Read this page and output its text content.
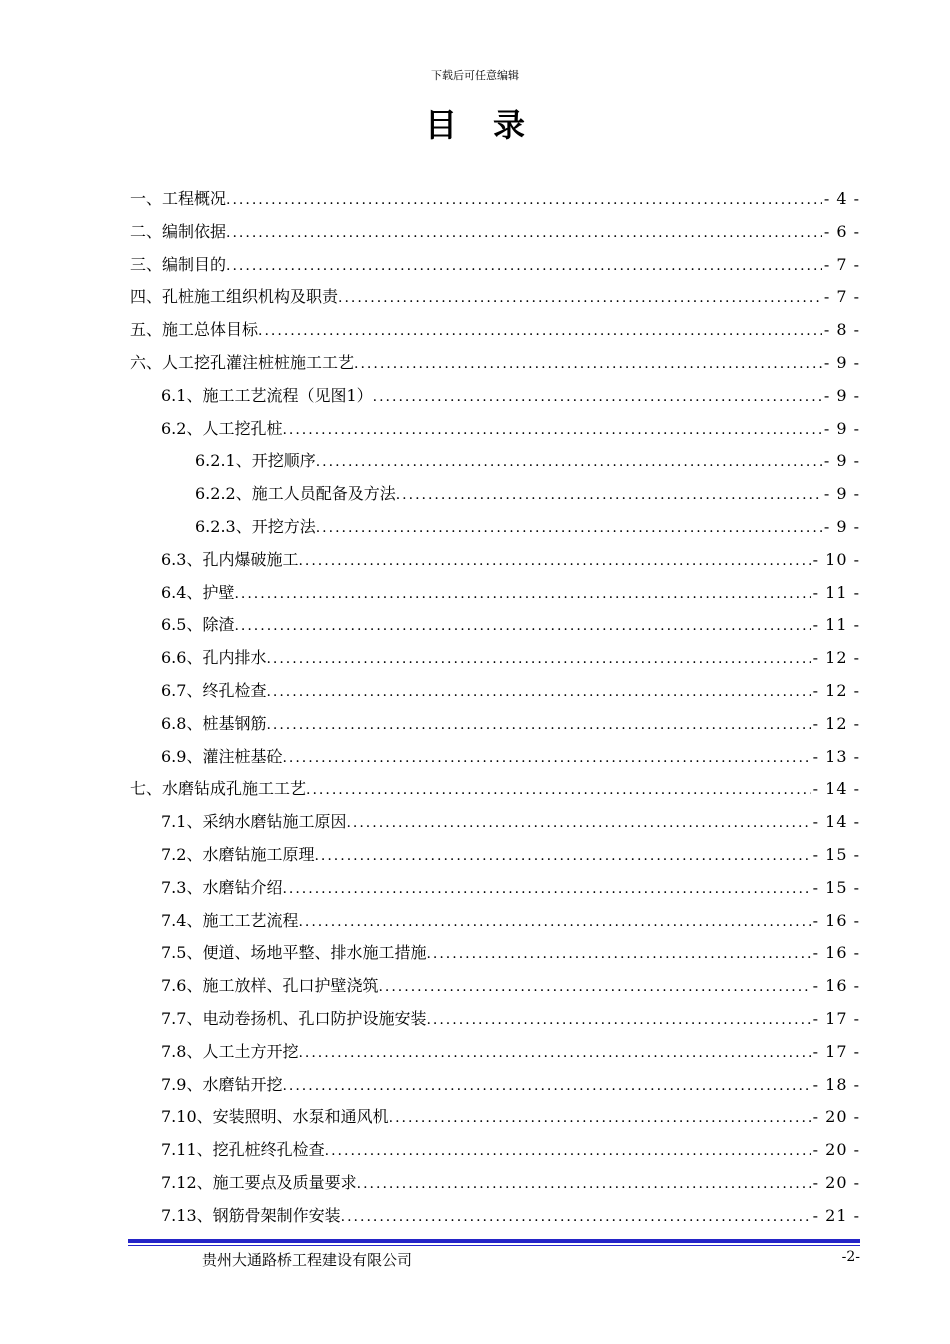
下载后可任意编辑
目录
一、工程概况 .....	- 4 -
二、编制依据 .....	- 6 -
三、编制目的 .....	- 7 -
四、孔桩施工组织机构及职责 .....	- 7 -
五、施工总体目标 .....	- 8 -
六、人工挖孔灌注桩桩施工工艺 .....	- 9 -
6.1、施工工艺流程（见图1） .....	- 9 -
6.2、人工挖孔桩 .....	- 9 -
6.2.1、开挖顺序 .....	- 9 -
6.2.2、施工人员配备及方法 .....	- 9 -
6.2.3、开挖方法 .....	- 9 -
6.3、孔内爆破施工 .....	- 10 -
6.4、护壁 .....	- 11 -
6.5、除渣 .....	- 11 -
6.6、孔内排水 .....	- 12 -
6.7、终孔检查 .....	- 12 -
6.8、桩基钢筋 .....	- 12 -
6.9、灌注桩基砼 .....	- 13 -
七、水磨钻成孔施工工艺 .....	- 14 -
7.1、采纳水磨钻施工原因 .....	- 14 -
7.2、水磨钻施工原理 .....	- 15 -
7.3、水磨钻介绍 .....	- 15 -
7.4、施工工艺流程 .....	- 16 -
7.5、便道、场地平整、排水施工措施 .....	- 16 -
7.6、施工放样、孔口护壁浇筑 .....	- 16 -
7.7、电动卷扬机、孔口防护设施安装 .....	- 17 -
7.8、人工土方开挖 .....	- 17 -
7.9、水磨钻开挖 .....	- 18 -
7.10、安装照明、水泵和通风机 .....	- 20 -
7.11、挖孔桩终孔检查 .....	- 20 -
7.12、施工要点及质量要求 .....	- 20 -
7.13、钢筋骨架制作安装 .....	- 21 -
贵州大通路桥工程建设有限公司	-2-
